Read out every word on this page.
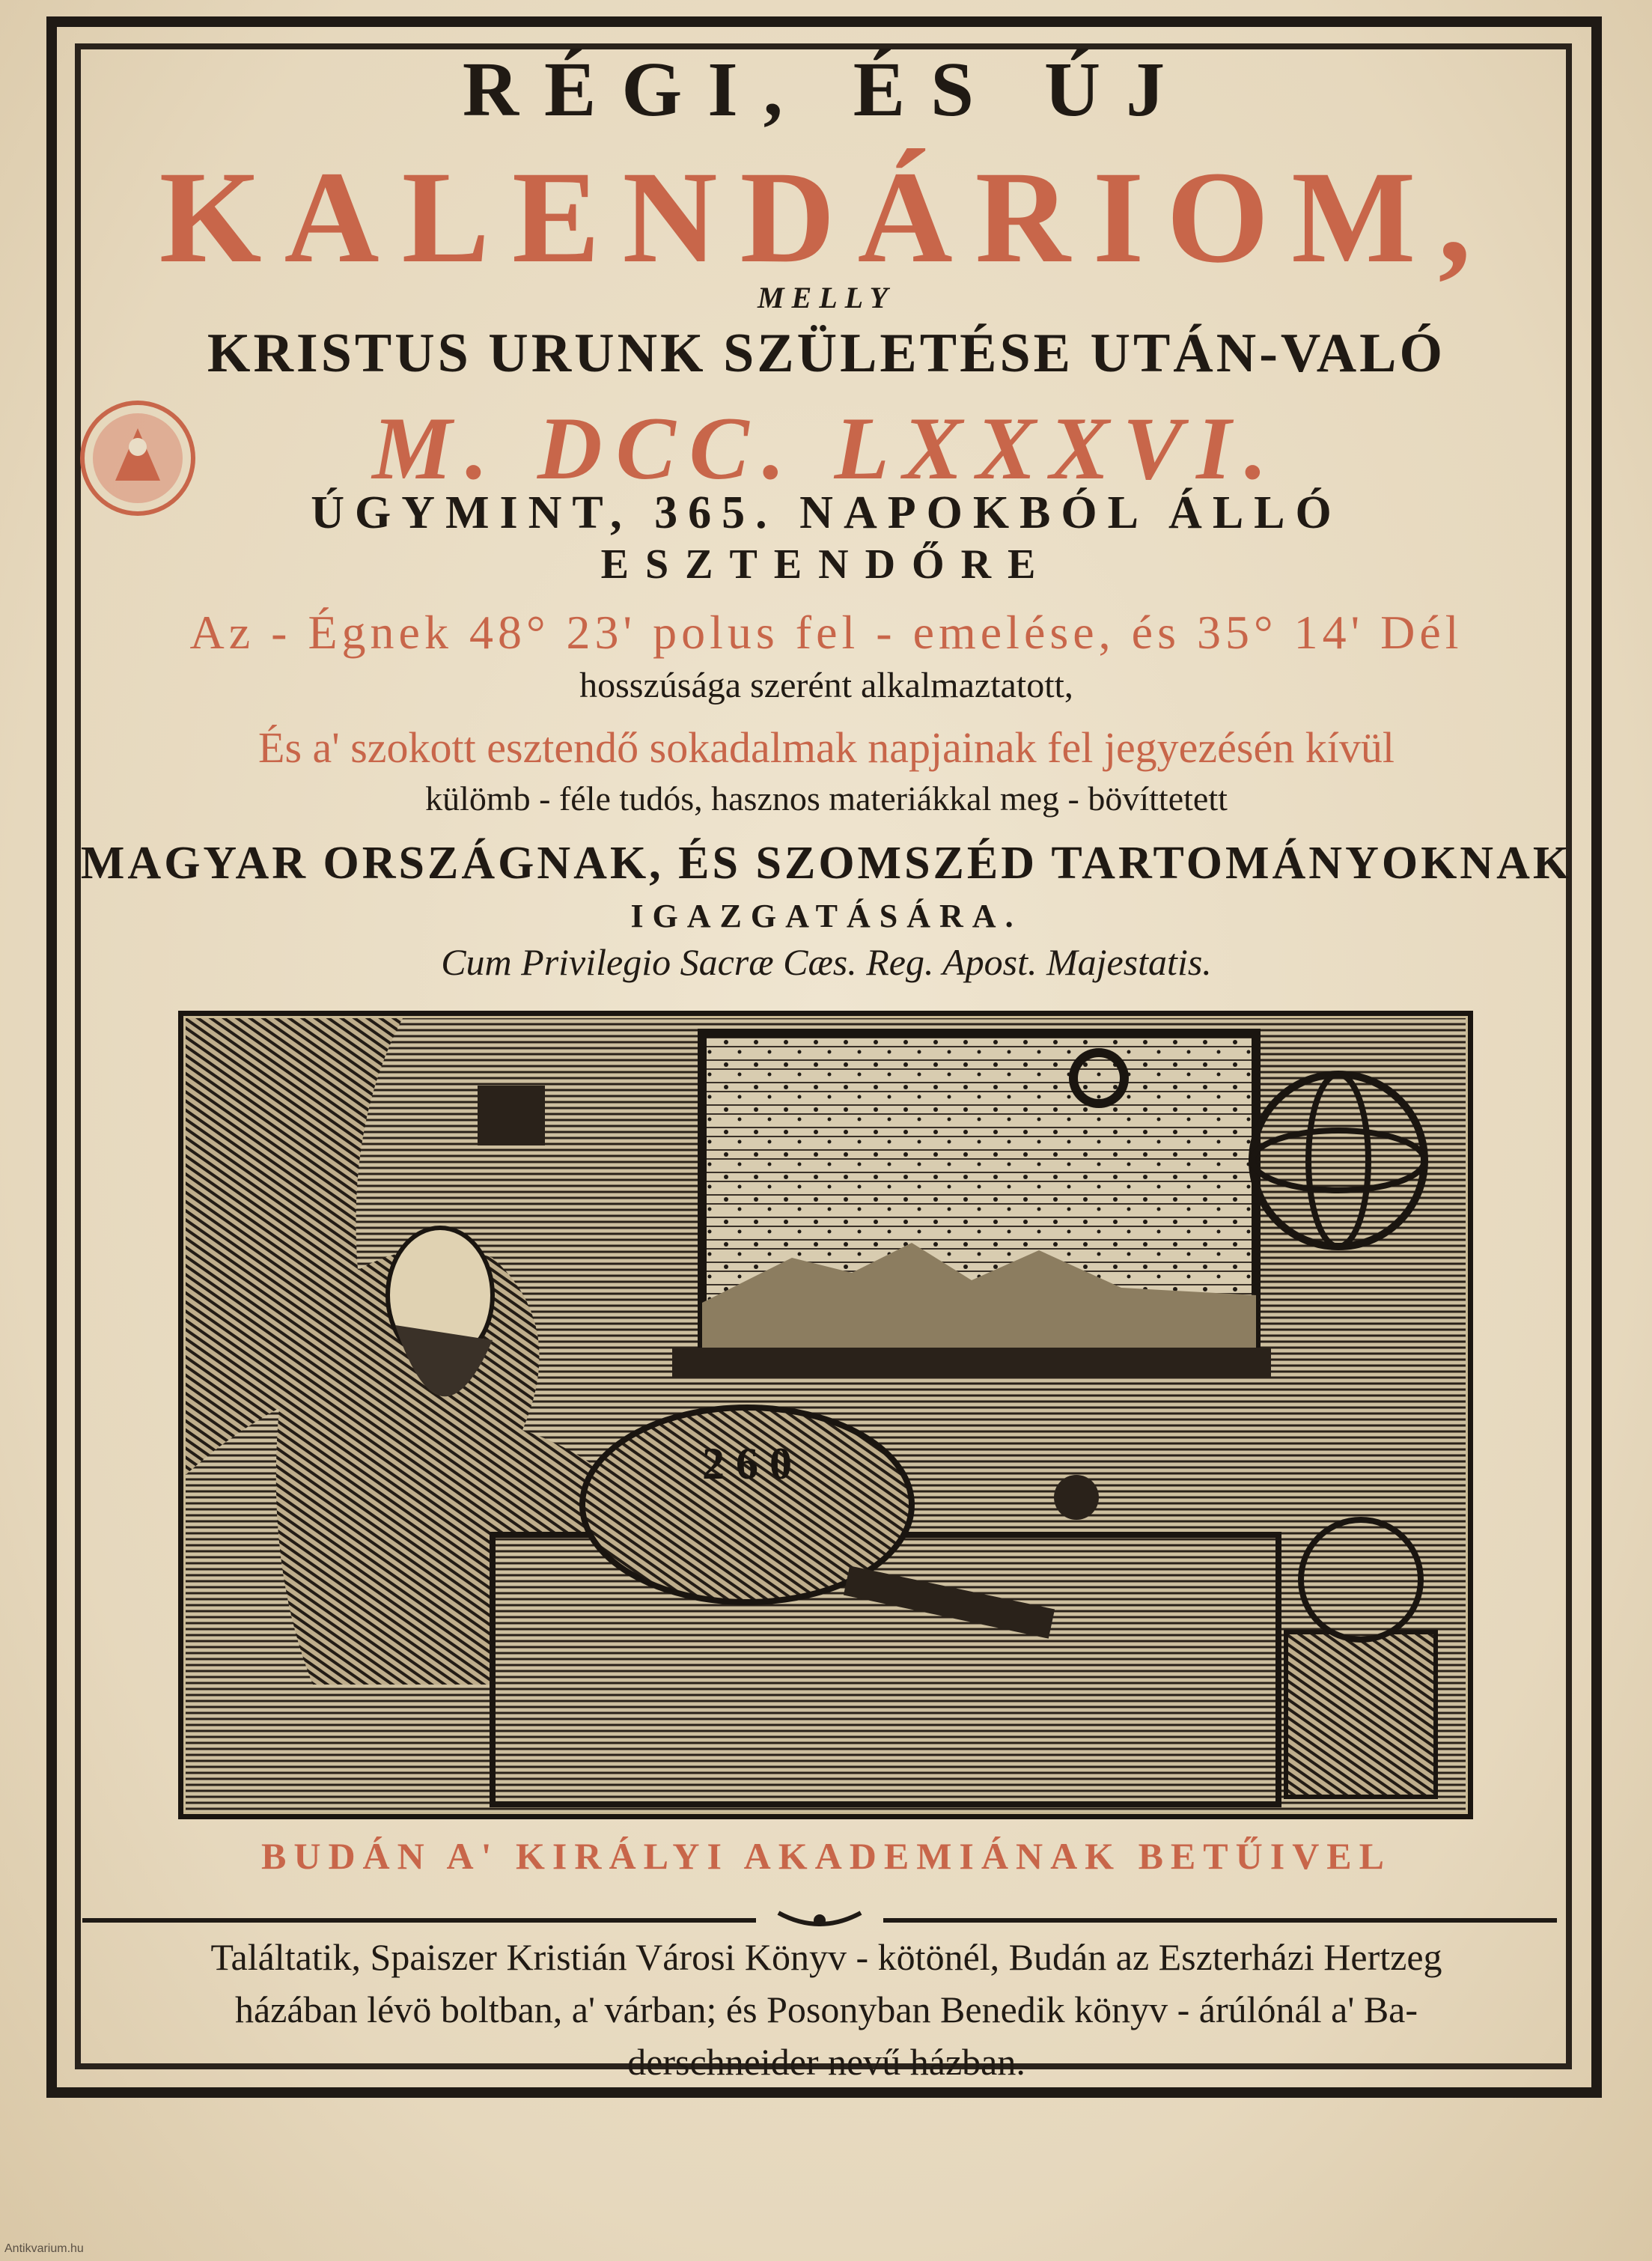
RÉGI, ÉS ÚJ
KALENDÁRIOM,
MELLY
KRISTUS URUNK SZÜLETÉSE UTÁN-VALÓ
M. DCC. LXXXVI.
ÚGYMINT, 365. NAPOKBÓL ÁLLÓ
ESZTENDŐRE
Az - Égnek 48° 23' polus fel - emelése, és 35° 14' Dél
hosszúsága szerént alkalmaztatott,
És a' szokott esztendő sokadalmak napjainak fel jegyezésén kívül
külömb - féle tudós, hasznos materiákkal meg - bövíttetett
MAGYAR ORSZÁGNAK, ÉS SZOMSZÉD TARTOMÁNYOKNAK
IGAZGATÁSÁRA.
Cum Privilegio Sacræ Cæs. Reg. Apost. Majestatis.
2 6 0
BUDÁN A' KIRÁLYI AKADEMIÁNAK BETŰIVEL
Találtatik, Spaiszer Kristián Városi Könyv - kötönél, Budán az Eszterházi Hertzeg
házában lévö boltban, a' várban; és Posonyban Benedik könyv - árúlónál a' Ba-
derschneider nevű házban.
Antikvarium.hu
